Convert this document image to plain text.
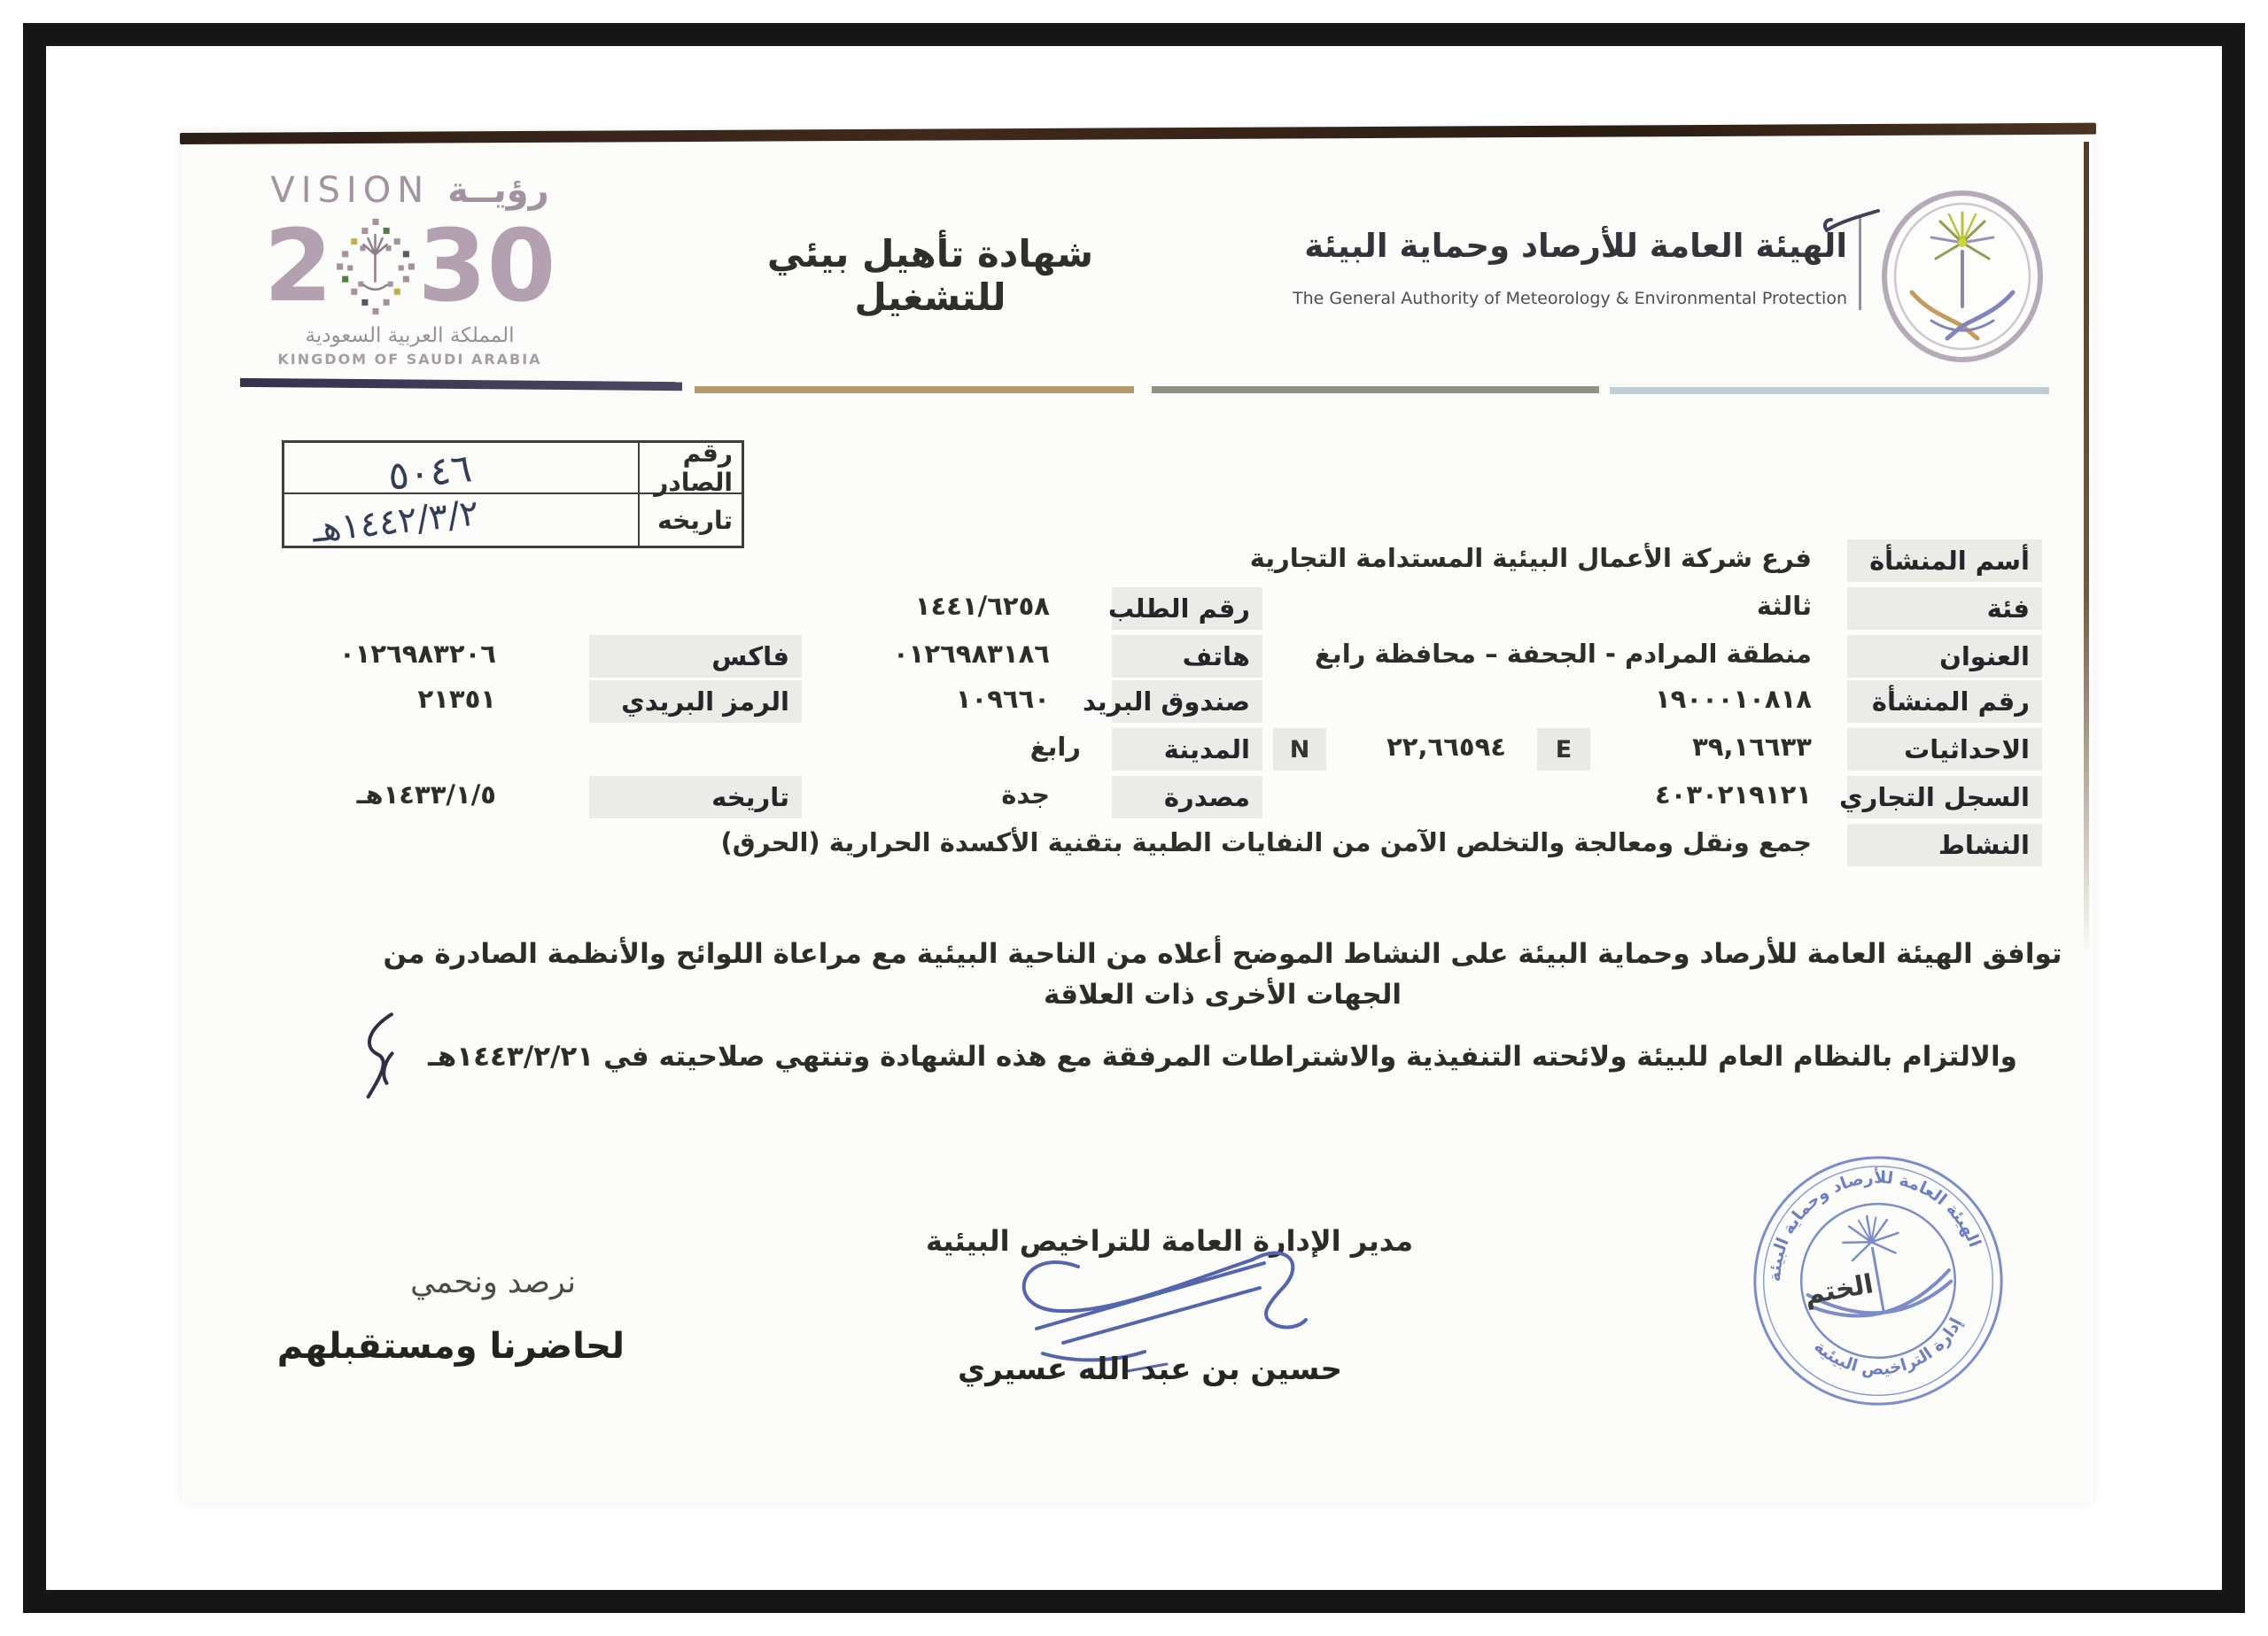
VISION رؤيــة
2 30
المملكة العربية السعودية
KINGDOM OF SAUDI ARABIA
شهادة تأهيل بيئي للتشغيل
الهيئة العامة للأرصاد وحماية البيئة
The General Authority of Meteorology & Environmental Protection
رقم الصادر
تاريخه
٥٠٤٦
١٤٤٢/٣/٢هـ
أسم المنشأة
فرع شركة الأعمال البيئية المستدامة التجارية
فئة
ثالثة
العنوان
منطقة المرادم - الجحفة – محافظة رابغ
رقم المنشأة
١٩٠٠٠١٠٨١٨
الاحداثيات
٣٩,١٦٦٣٣
E
٢٢,٦٦٥٩٤
N
السجل التجاري
٤٠٣٠٢١٩١٢١
النشاط
جمع ونقل ومعالجة والتخلص الآمن من النفايات الطبية بتقنية الأكسدة الحرارية (الحرق)
رقم الطلب
١٤٤١/٦٢٥٨
هاتف
٠١٢٦٩٨٣١٨٦
صندوق البريد
١٠٩٦٦٠
المدينة
رابغ
مصدرة
جدة
فاكس
٠١٢٦٩٨٣٢٠٦
الرمز البريدي
٢١٣٥١
تاريخه
١٤٣٣/١/٥هـ
توافق الهيئة العامة للأرصاد وحماية البيئة على النشاط الموضح أعلاه من الناحية البيئية مع مراعاة اللوائح والأنظمة الصادرة من الجهات الأخرى ذات العلاقة
والالتزام بالنظام العام للبيئة ولائحته التنفيذية والاشتراطات المرفقة مع هذه الشهادة وتنتهي صلاحيته في ١٤٤٣/٢/٢١هـ
مدير الإدارة العامة للتراخيص البيئية
حسين بن عبد الله عسيري
الهيئة العامة للأرصاد وحماية البيئة
إدارة التراخيص البيئية
الختم
نرصد ونحمي
لحاضرنا ومستقبلهم
